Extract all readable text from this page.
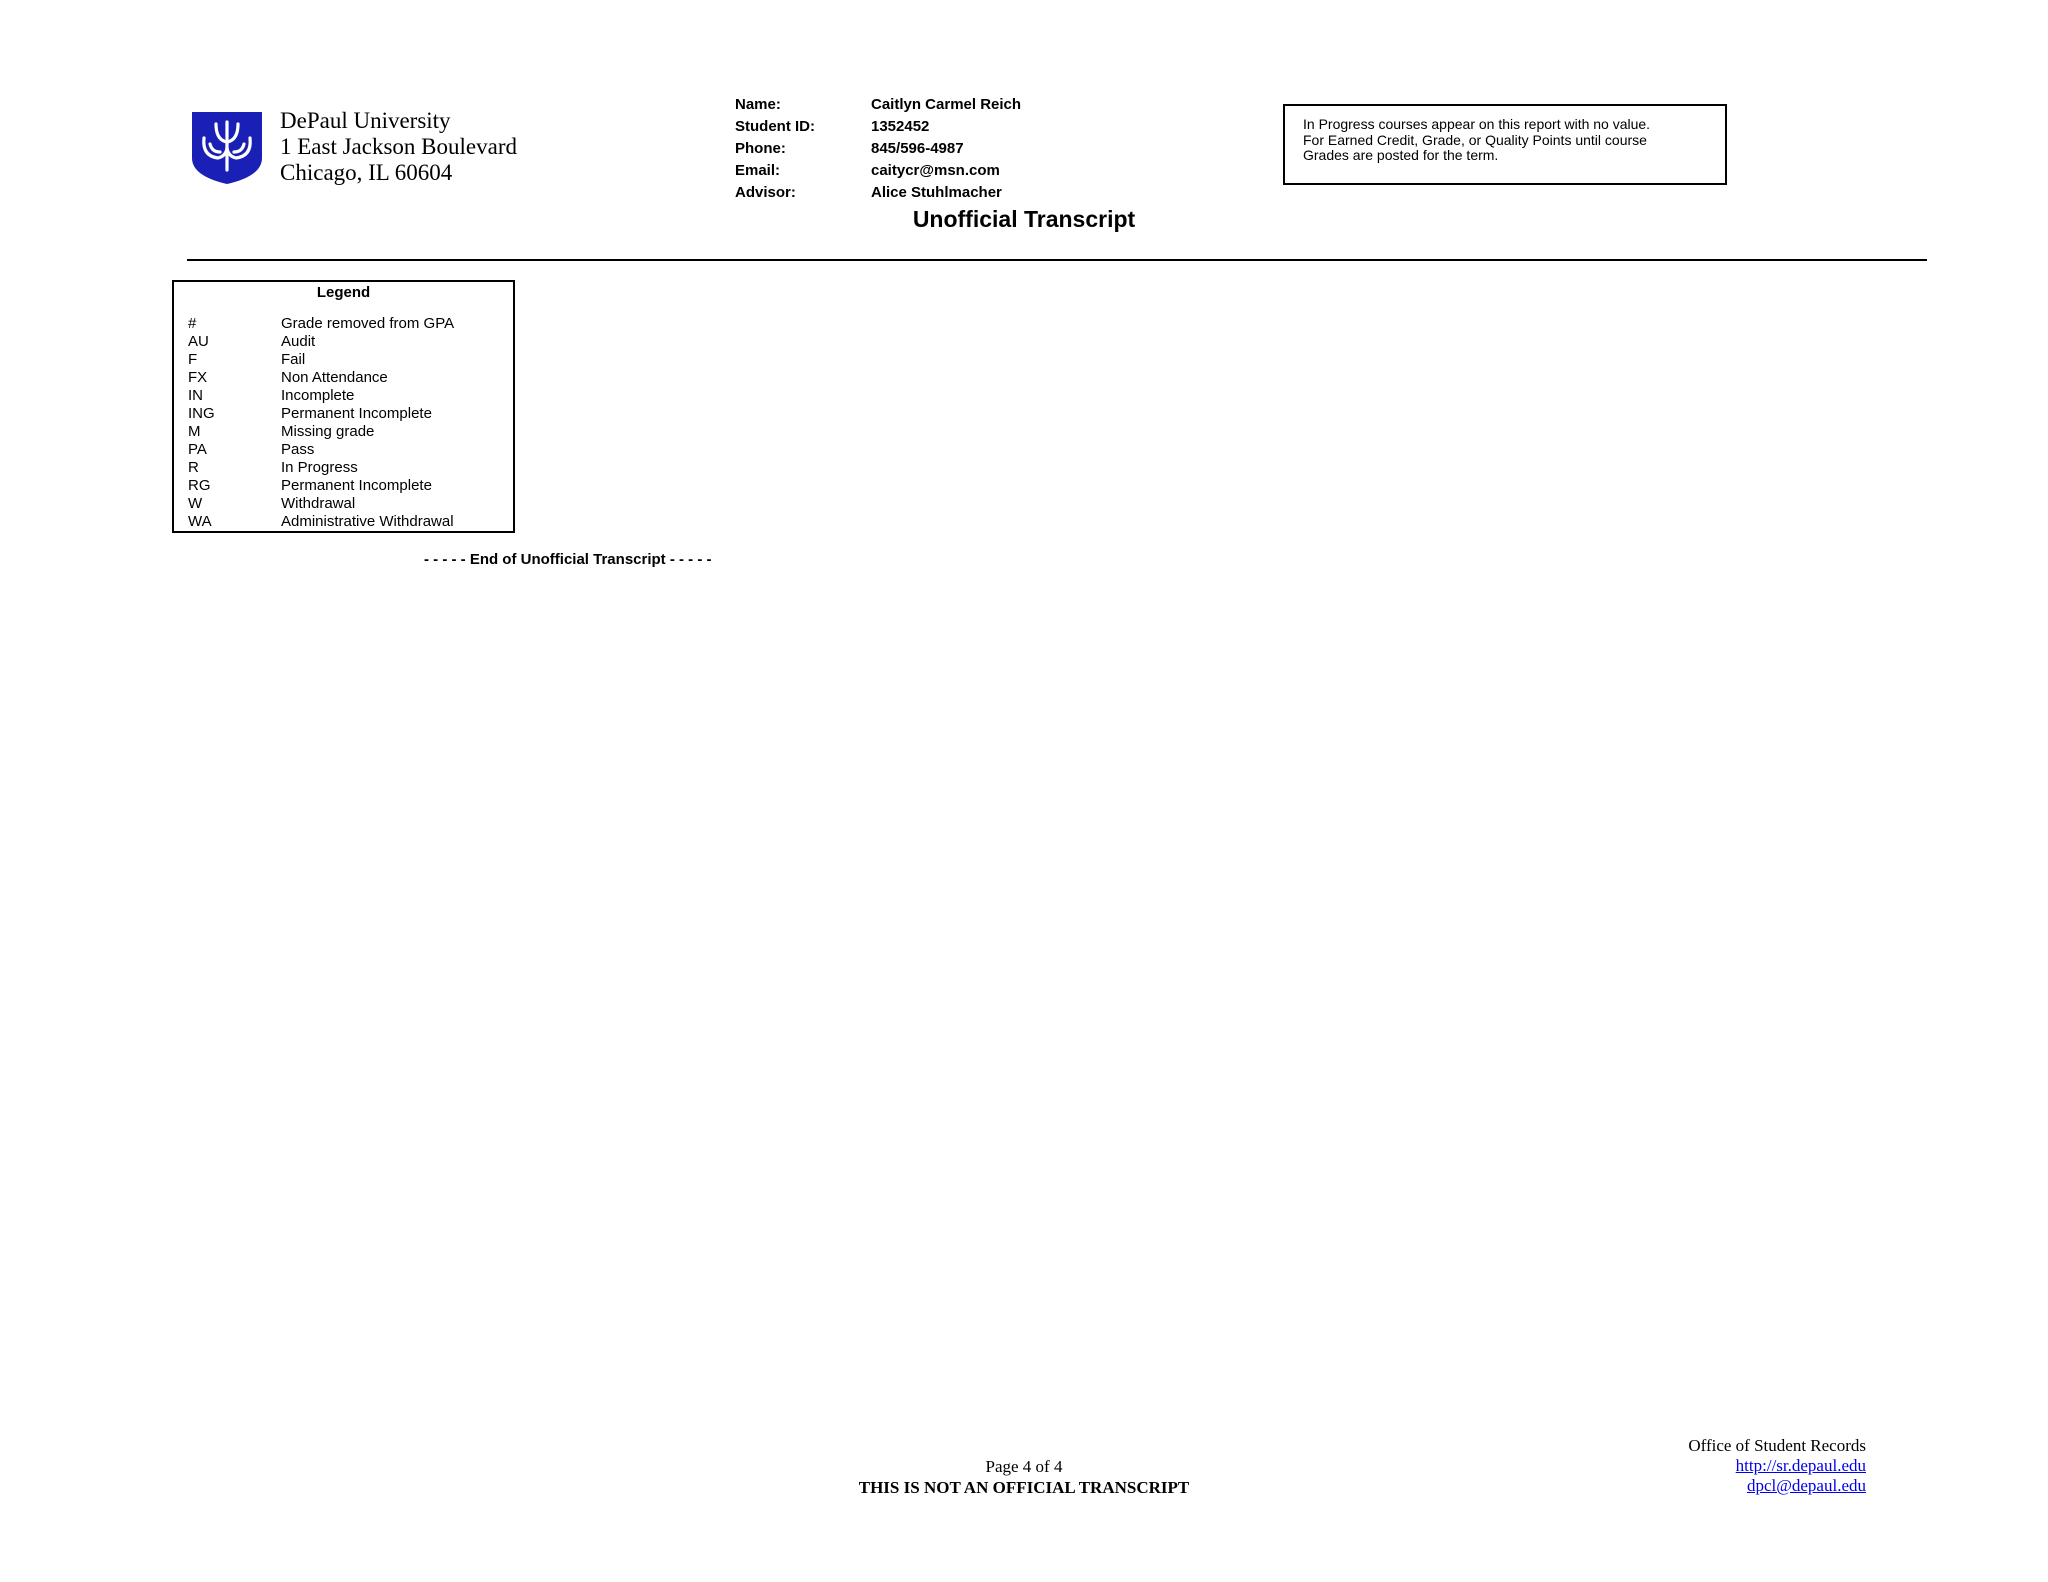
DePaul University
1 East Jackson Boulevard
Chicago, IL 60604
Name:	Caitlyn Carmel Reich
Student ID:	1352452
Phone:	845/596-4987
Email:	caitycr@msn.com
Advisor:	Alice Stuhlmacher
In Progress courses appear on this report with no value.
For Earned Credit, Grade, or Quality Points until course
Grades are posted for the term.
Unofficial Transcript
Legend
#	Grade removed from GPA
AU	Audit
F	Fail
FX	Non Attendance
IN	Incomplete
ING	Permanent Incomplete
M	Missing grade
PA	Pass
R	In Progress
RG	Permanent Incomplete
W	Withdrawal
WA	Administrative Withdrawal
- - - - - End of Unofficial Transcript - - - - -
Page 4 of 4
THIS IS NOT AN OFFICIAL TRANSCRIPT
Office of Student Records
http://sr.depaul.edu
dpcl@depaul.edu
